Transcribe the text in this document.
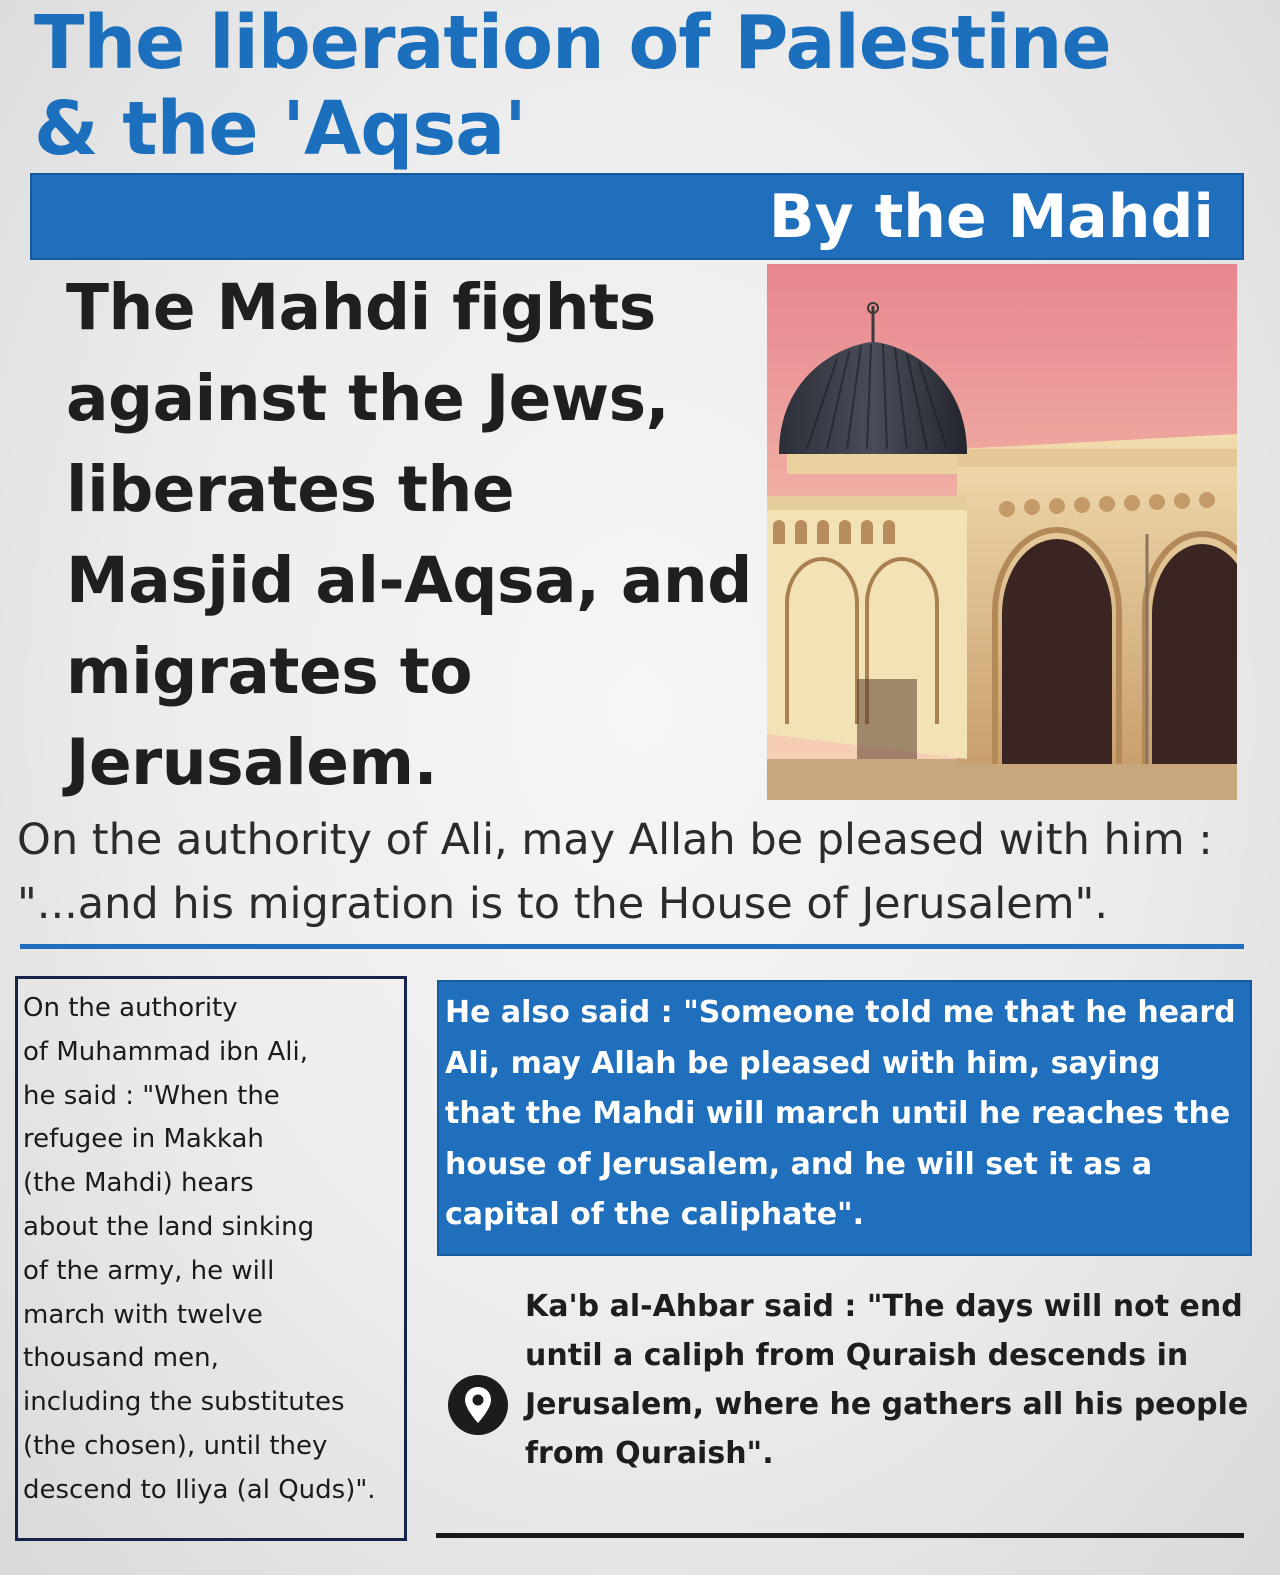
The liberation of Palestine & the 'Aqsa'
By the Mahdi
The Mahdi fights against the Jews, liberates the Masjid al-Aqsa, and migrates to Jerusalem.

On the authority of Ali, may Allah be pleased with him : "...and his migration is to the House of Jerusalem".

On the authority
of Muhammad ibn Ali,
he said : "When the
refugee in Makkah
(the Mahdi) hears
about the land sinking
of the army, he will
march with twelve
thousand men,
including the substitutes
(the chosen), until they
descend to Iliya (al Quds)".

He also said : "Someone told me that he heard
Ali, may Allah be pleased with him, saying
that the Mahdi will march until he reaches the
house of Jerusalem, and he will set it as a
capital of the caliphate".

Ka'b al-Ahbar said : "The days will not end
until a caliph from Quraish descends in
Jerusalem, where he gathers all his people
from Quraish".
